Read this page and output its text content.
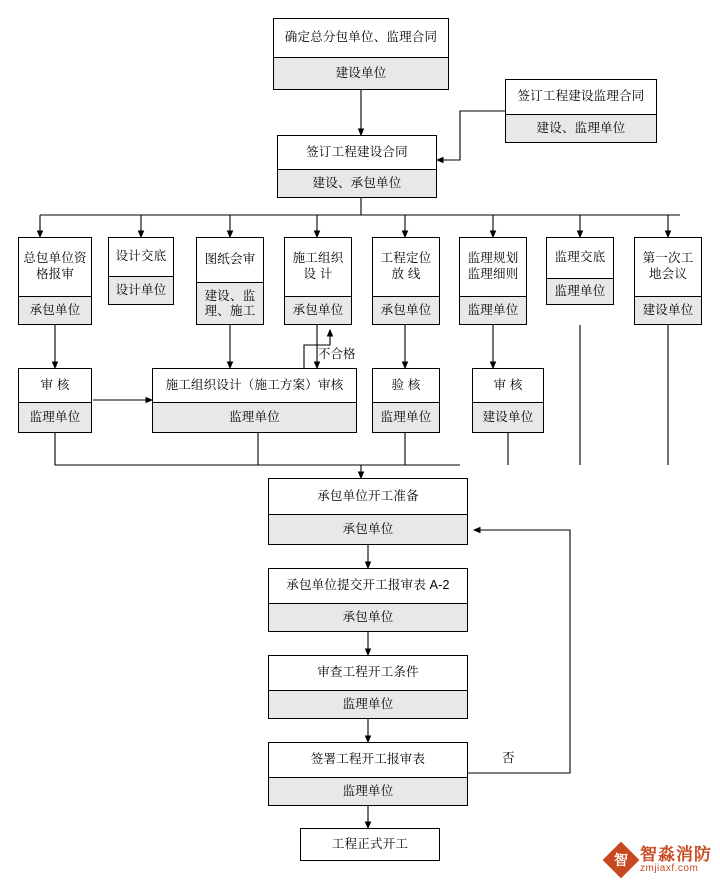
确定总分包单位、监理合同
建设单位
签订工程建设监理合同
建设、监理单位
签订工程建设合同
建设、承包单位
总包单位资格报审
承包单位
设计交底
设计单位
图纸会审
建设、监理、施工
施工组织设 计
承包单位
工程定位放 线
承包单位
监理规划监理细则
监理单位
监理交底
监理单位
第一次工地会议
建设单位
审 核
监理单位
施工组织设计（施工方案）审核
监理单位
验 核
监理单位
审 核
建设单位
承包单位开工准备
承包单位
承包单位提交开工报审表 A-2
承包单位
审查工程开工条件
监理单位
签署工程开工报审表
监理单位
工程正式开工
不合格
否
智 智淼消防
zmjiaxf.com
